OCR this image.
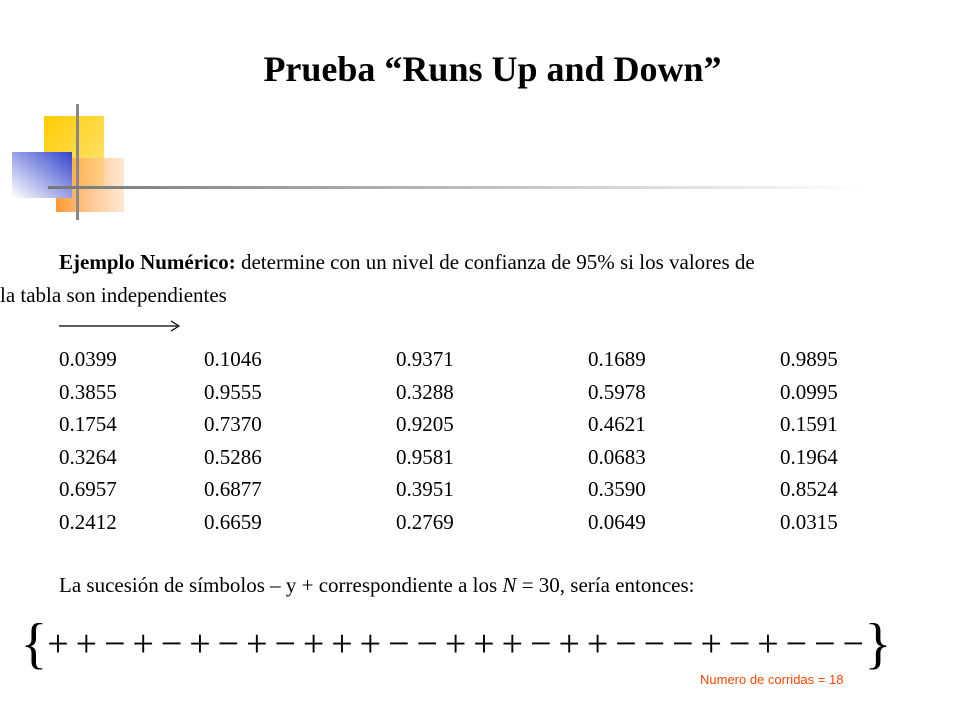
Prueba “Runs Up and Down”
Ejemplo Numérico: determine con un nivel de confianza de 95% si los valores de
la tabla son independientes
0.0399	0.1046	0.9371	0.1689	0.9895
0.3855	0.9555	0.3288	0.5978	0.0995
0.1754	0.7370	0.9205	0.4621	0.1591
0.3264	0.5286	0.9581	0.0683	0.1964
0.6957	0.6877	0.3951	0.3590	0.8524
0.2412	0.6659	0.2769	0.0649	0.0315
La sucesión de símbolos – y + correspondiente a los N = 30, sería entonces:
{ + + − + − + − + − + + + − − + + + − + + − − − + − + − − − }
Numero de corridas = 18
